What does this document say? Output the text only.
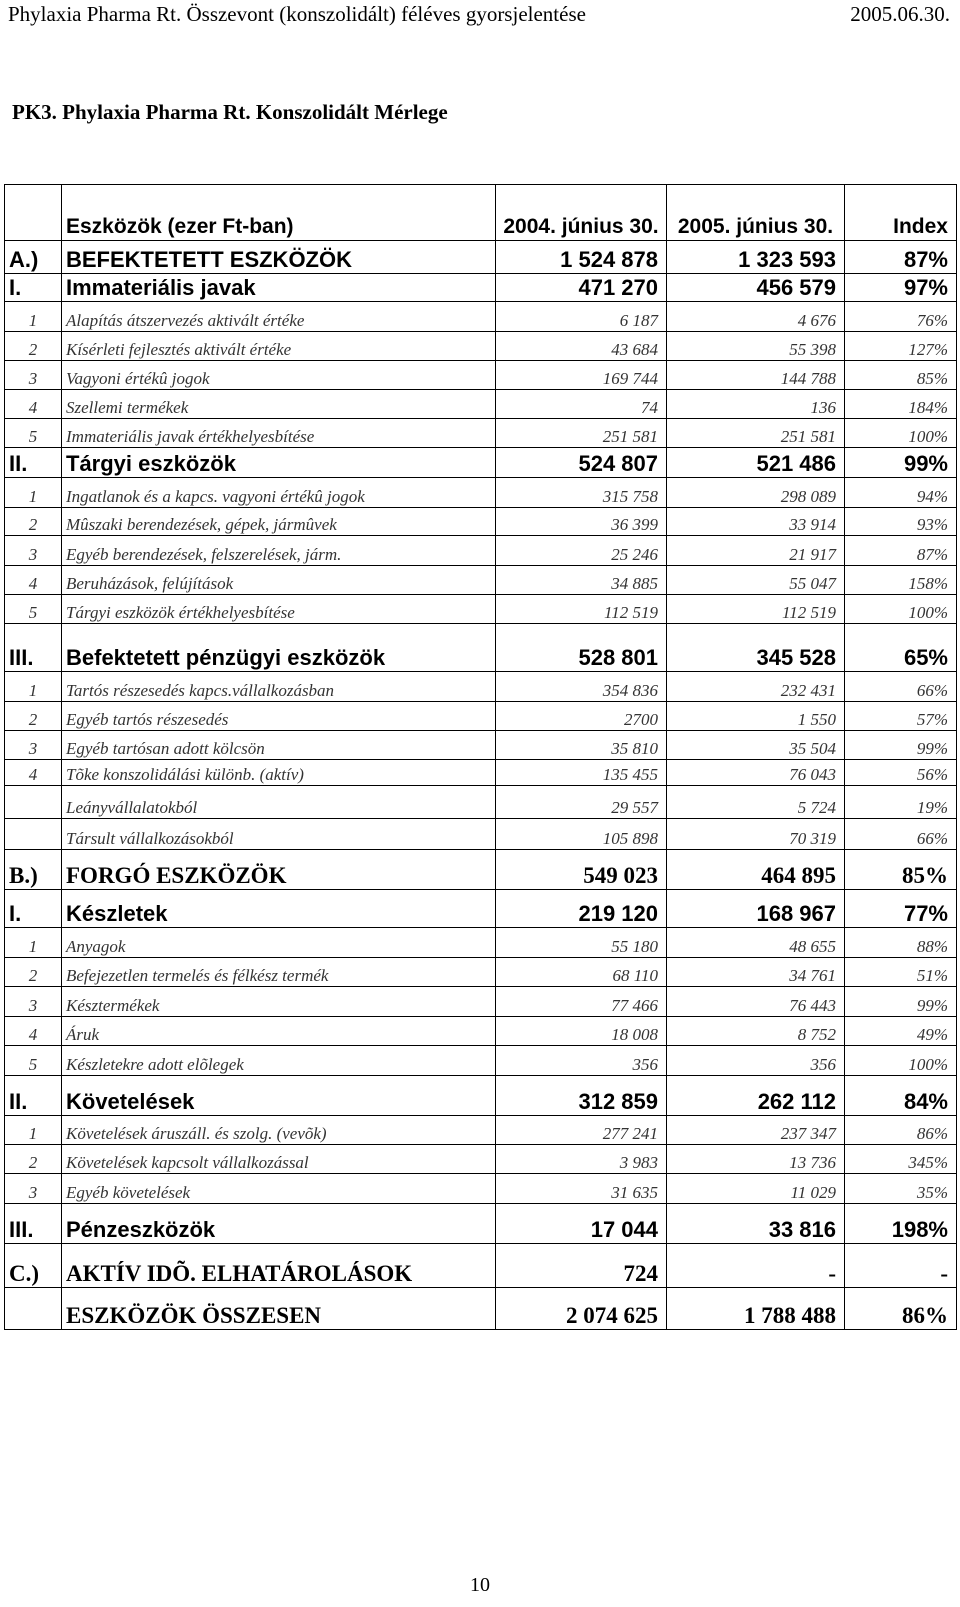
Phylaxia Pharma Rt. Összevont (konszolidált) féléves gyorsjelentése	2005.06.30.
PK3. Phylaxia Pharma Rt. Konszolidált Mérlege
	Eszközök (ezer Ft-ban)	2004. június 30.	2005. június 30.	Index
A.)	BEFEKTETETT ESZKÖZÖK	1 524 878	1 323 593	87%
I.	Immateriális javak	471 270	456 579	97%
1	Alapítás átszervezés aktivált értéke	6 187	4 676	76%
2	Kísérleti fejlesztés aktivált értéke	43 684	55 398	127%
3	Vagyoni értékû jogok	169 744	144 788	85%
4	Szellemi termékek	74	136	184%
5	Immateriális javak értékhelyesbítése	251 581	251 581	100%
II.	Tárgyi eszközök	524 807	521 486	99%
1	Ingatlanok és a kapcs. vagyoni értékû jogok	315 758	298 089	94%
2	Mûszaki berendezések, gépek, jármûvek	36 399	33 914	93%
3	Egyéb berendezések, felszerelések, járm.	25 246	21 917	87%
4	Beruházások, felújítások	34 885	55 047	158%
5	Tárgyi eszközök értékhelyesbítése	112 519	112 519	100%
III.	Befektetett pénzügyi eszközök	528 801	345 528	65%
1	Tartós részesedés kapcs.vállalkozásban	354 836	232 431	66%
2	Egyéb tartós részesedés	2700	1 550	57%
3	Egyéb tartósan adott kölcsön	35 810	35 504	99%
4	Tõke konszolidálási különb. (aktív)	135 455	76 043	56%
	Leányvállalatokból	29 557	5 724	19%
	Társult vállalkozásokból	105 898	70 319	66%
B.)	FORGÓ ESZKÖZÖK	549 023	464 895	85%
I.	Készletek	219 120	168 967	77%
1	Anyagok	55 180	48 655	88%
2	Befejezetlen termelés és félkész termék	68 110	34 761	51%
3	Késztermékek	77 466	76 443	99%
4	Áruk	18 008	8 752	49%
5	Készletekre adott elõlegek	356	356	100%
II.	Követelések	312 859	262 112	84%
1	Követelések áruszáll. és szolg. (vevõk)	277 241	237 347	86%
2	Követelések kapcsolt vállalkozással	3 983	13 736	345%
3	Egyéb követelések	31 635	11 029	35%
III.	Pénzeszközök	17 044	33 816	198%
C.)	AKTÍV IDÕ. ELHATÁROLÁSOK	724	-	-
	ESZKÖZÖK ÖSSZESEN	2 074 625	1 788 488	86%
10
